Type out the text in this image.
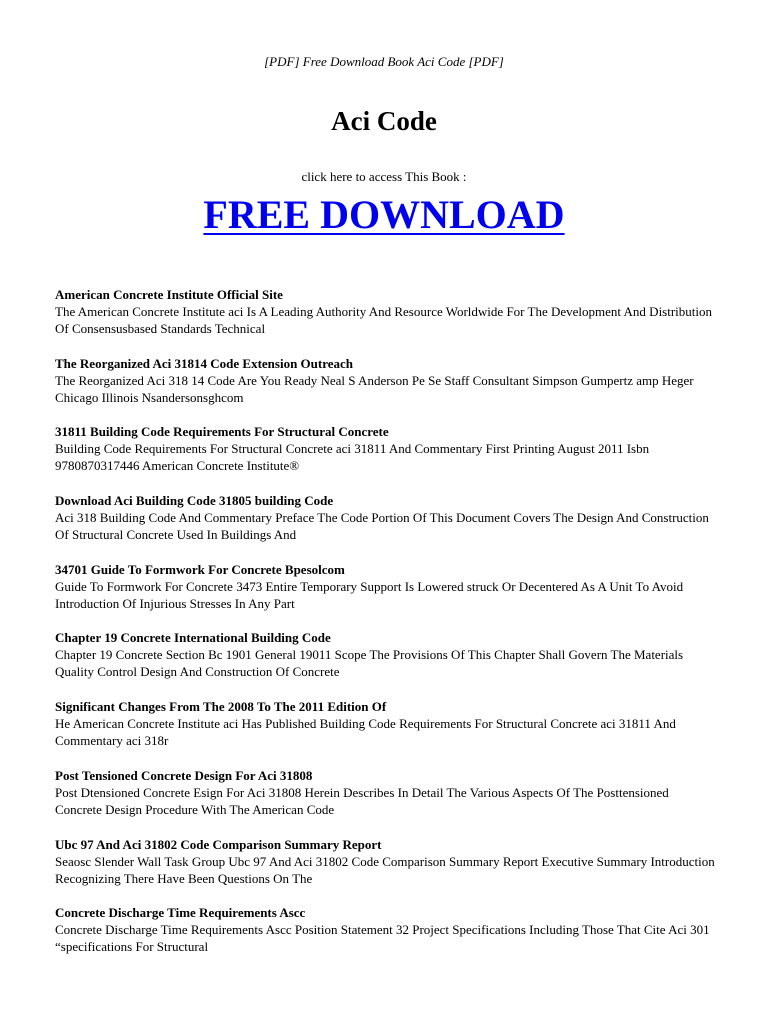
[PDF] Free Download Book Aci Code [PDF]
Aci Code
click here to access This Book :
FREE DOWNLOAD
American Concrete Institute Official Site
The American Concrete Institute aci Is A Leading Authority And Resource Worldwide For The Development And Distribution Of Consensusbased Standards Technical
The Reorganized Aci 31814 Code Extension Outreach
The Reorganized Aci 318 14 Code Are You Ready Neal S Anderson Pe Se Staff Consultant Simpson Gumpertz amp Heger Chicago Illinois Nsandersonsghcom
31811 Building Code Requirements For Structural Concrete
Building Code Requirements For Structural Concrete aci 31811 And Commentary First Printing August 2011 Isbn 9780870317446 American Concrete Institute®
Download Aci Building Code 31805 building Code
Aci 318 Building Code And Commentary Preface The Code Portion Of This Document Covers The Design And Construction Of Structural Concrete Used In Buildings And
34701 Guide To Formwork For Concrete Bpesolcom
Guide To Formwork For Concrete 3473 Entire Temporary Support Is Lowered struck Or Decentered As A Unit To Avoid Introduction Of Injurious Stresses In Any Part
Chapter 19 Concrete International Building Code
Chapter 19 Concrete Section Bc 1901 General 19011 Scope The Provisions Of This Chapter Shall Govern The Materials Quality Control Design And Construction Of Concrete
Significant Changes From The 2008 To The 2011 Edition Of
He American Concrete Institute aci Has Published Building Code Requirements For Structural Concrete aci 31811 And Commentary aci 318r
Post Tensioned Concrete Design For Aci 31808
Post Dtensioned Concrete Esign For Aci 31808 Herein Describes In Detail The Various Aspects Of The Posttensioned Concrete Design Procedure With The American Code
Ubc 97 And Aci 31802 Code Comparison Summary Report
Seaosc Slender Wall Task Group Ubc 97 And Aci 31802 Code Comparison Summary Report Executive Summary Introduction Recognizing There Have Been Questions On The
Concrete Discharge Time Requirements Ascc
Concrete Discharge Time Requirements Ascc Position Statement 32 Project Specifications Including Those That Cite Aci 301 “specifications For Structural
